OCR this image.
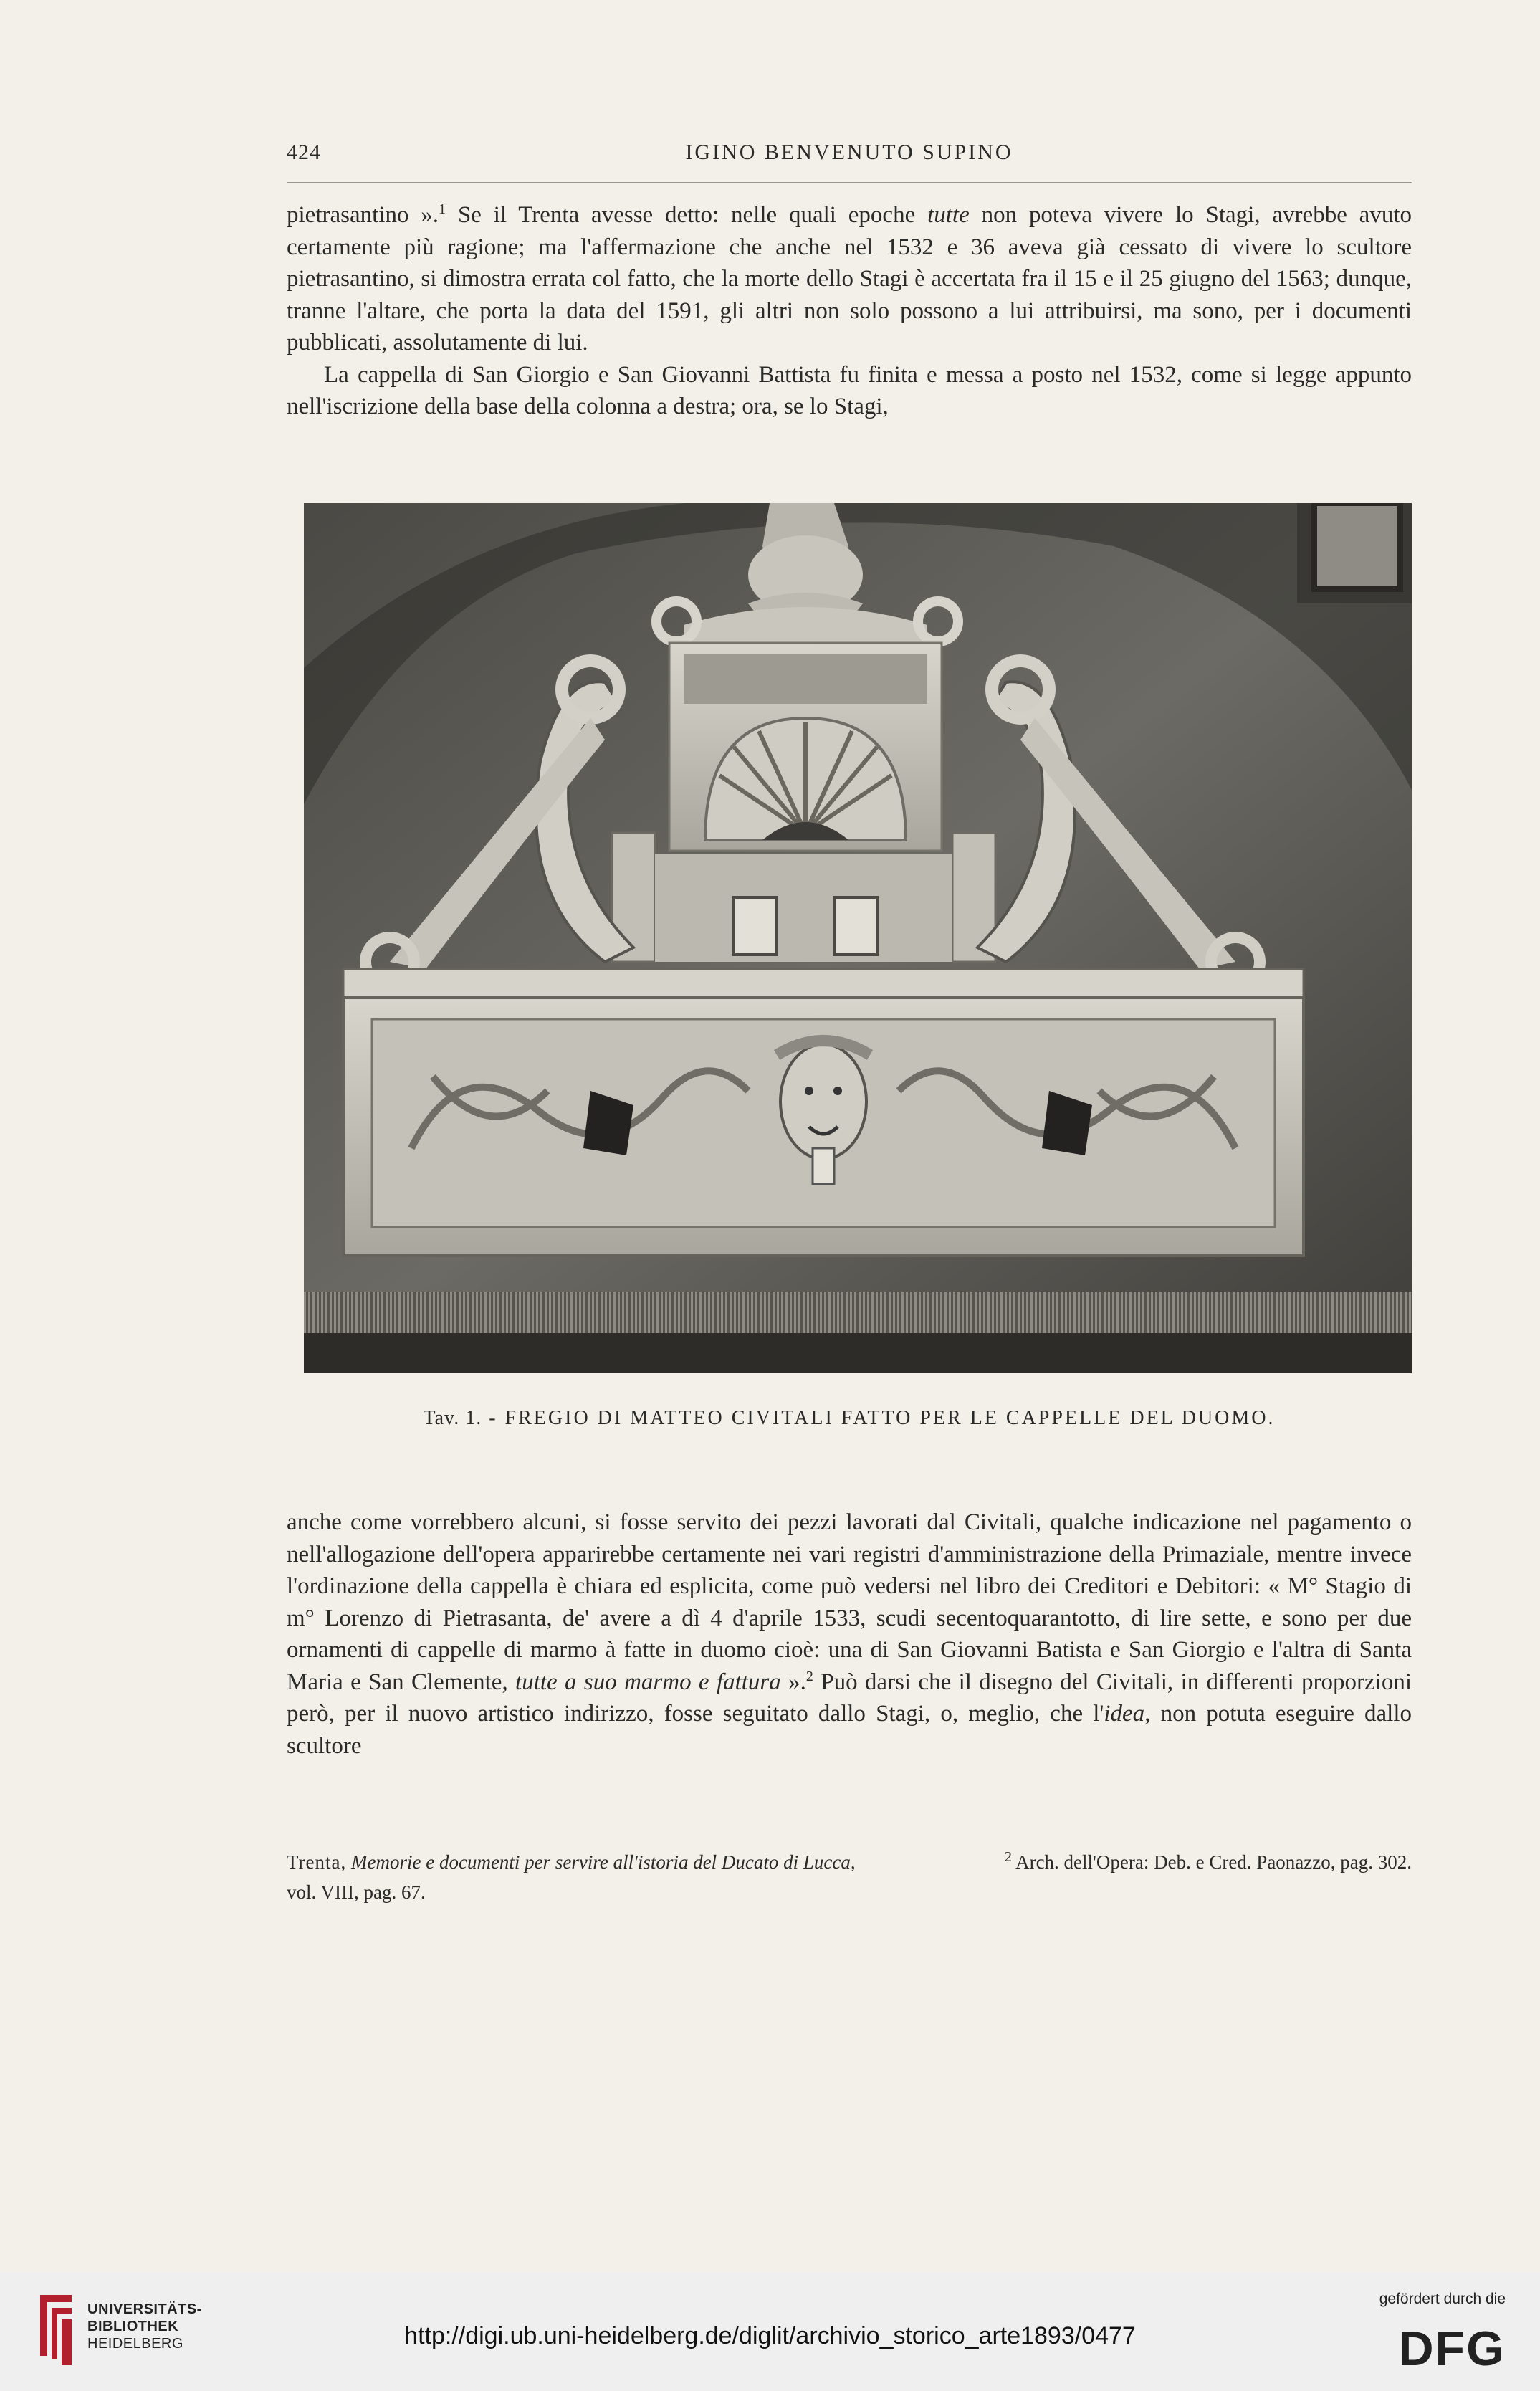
424	IGINO BENVENUTO SUPINO

pietrasantino ».$^1$ Se il Trenta avesse detto: nelle quali epoche tutte non poteva vivere lo Stagi, avrebbe avuto certamente più ragione; ma l'affermazione che anche nel 1532 e 36 aveva già cessato di vivere lo scultore pietrasantino, si dimostra errata col fatto, che la morte dello Stagi è accertata fra il 15 e il 25 giugno del 1563; dunque, tranne l'altare, che porta la data del 1591, gli altri non solo possono a lui attribuirsi, ma sono, per i documenti pubblicati, assolutamente di lui.

La cappella di San Giorgio e San Giovanni Battista fu finita e messa a posto nel 1532, come si legge appunto nell'iscrizione della base della colonna a destra; ora, se lo Stagi,

Tav. 1. - FREGIO DI MATTEO CIVITALI FATTO PER LE CAPPELLE DEL DUOMO.

anche come vorrebbero alcuni, si fosse servito dei pezzi lavorati dal Civitali, qualche indicazione nel pagamento o nell'allogazione dell'opera apparirebbe certamente nei vari registri d'amministrazione della Primaziale, mentre invece l'ordinazione della cappella è chiara ed esplicita, come può vedersi nel libro dei Creditori e Debitori: « M° Stagio di m° Lorenzo di Pietrasanta, de' avere a dì 4 d'aprile 1533, scudi secentoquarantotto, di lire sette, e sono per due ornamenti di cappelle di marmo à fatte in duomo cioè: una di San Giovanni Batista e San Giorgio e l'altra di Santa Maria e San Clemente, tutte a suo marmo e fattura ».$^2$ Può darsi che il disegno del Civitali, in differenti proporzioni però, per il nuovo artistico indirizzo, fosse seguitato dallo Stagi, o, meglio, che l'idea, non potuta eseguire dallo scultore

Trenta, Memorie e documenti per servire all'istoria del Ducato di Lucca, vol. VIII, pag. 67.
$^2$ Arch. dell'Opera: Deb. e Cred. Paonazzo, pag. 302.
UNIVERSITÄTS-
BIBLIOTHEK
HEIDELBERG	http://digi.ub.uni-heidelberg.de/diglit/archivio_storico_arte1893/0477
gefördert durch die
DFG
